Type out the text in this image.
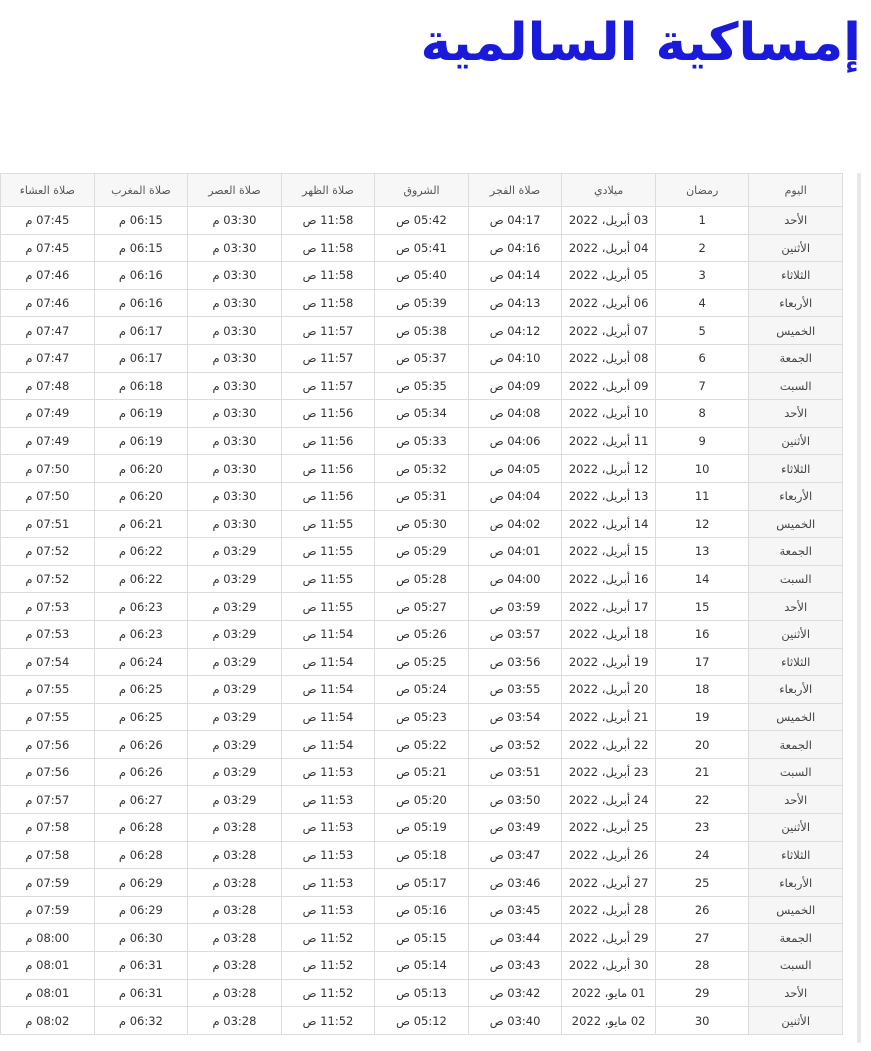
إمساكية السالمية
اليوم	رمضان	ميلادي	صلاة الفجر	الشروق	صلاة الظهر	صلاة العصر	صلاة المغرب	صلاة العشاء
الأحد	1	03 أبريل، 2022	04:17 ص	05:42 ص	11:58 ص	03:30 م	06:15 م	07:45 م
الأثنين	2	04 أبريل، 2022	04:16 ص	05:41 ص	11:58 ص	03:30 م	06:15 م	07:45 م
الثلاثاء	3	05 أبريل، 2022	04:14 ص	05:40 ص	11:58 ص	03:30 م	06:16 م	07:46 م
الأربعاء	4	06 أبريل، 2022	04:13 ص	05:39 ص	11:58 ص	03:30 م	06:16 م	07:46 م
الخميس	5	07 أبريل، 2022	04:12 ص	05:38 ص	11:57 ص	03:30 م	06:17 م	07:47 م
الجمعة	6	08 أبريل، 2022	04:10 ص	05:37 ص	11:57 ص	03:30 م	06:17 م	07:47 م
السبت	7	09 أبريل، 2022	04:09 ص	05:35 ص	11:57 ص	03:30 م	06:18 م	07:48 م
الأحد	8	10 أبريل، 2022	04:08 ص	05:34 ص	11:56 ص	03:30 م	06:19 م	07:49 م
الأثنين	9	11 أبريل، 2022	04:06 ص	05:33 ص	11:56 ص	03:30 م	06:19 م	07:49 م
الثلاثاء	10	12 أبريل، 2022	04:05 ص	05:32 ص	11:56 ص	03:30 م	06:20 م	07:50 م
الأربعاء	11	13 أبريل، 2022	04:04 ص	05:31 ص	11:56 ص	03:30 م	06:20 م	07:50 م
الخميس	12	14 أبريل، 2022	04:02 ص	05:30 ص	11:55 ص	03:30 م	06:21 م	07:51 م
الجمعة	13	15 أبريل، 2022	04:01 ص	05:29 ص	11:55 ص	03:29 م	06:22 م	07:52 م
السبت	14	16 أبريل، 2022	04:00 ص	05:28 ص	11:55 ص	03:29 م	06:22 م	07:52 م
الأحد	15	17 أبريل، 2022	03:59 ص	05:27 ص	11:55 ص	03:29 م	06:23 م	07:53 م
الأثنين	16	18 أبريل، 2022	03:57 ص	05:26 ص	11:54 ص	03:29 م	06:23 م	07:53 م
الثلاثاء	17	19 أبريل، 2022	03:56 ص	05:25 ص	11:54 ص	03:29 م	06:24 م	07:54 م
الأربعاء	18	20 أبريل، 2022	03:55 ص	05:24 ص	11:54 ص	03:29 م	06:25 م	07:55 م
الخميس	19	21 أبريل، 2022	03:54 ص	05:23 ص	11:54 ص	03:29 م	06:25 م	07:55 م
الجمعة	20	22 أبريل، 2022	03:52 ص	05:22 ص	11:54 ص	03:29 م	06:26 م	07:56 م
السبت	21	23 أبريل، 2022	03:51 ص	05:21 ص	11:53 ص	03:29 م	06:26 م	07:56 م
الأحد	22	24 أبريل، 2022	03:50 ص	05:20 ص	11:53 ص	03:29 م	06:27 م	07:57 م
الأثنين	23	25 أبريل، 2022	03:49 ص	05:19 ص	11:53 ص	03:28 م	06:28 م	07:58 م
الثلاثاء	24	26 أبريل، 2022	03:47 ص	05:18 ص	11:53 ص	03:28 م	06:28 م	07:58 م
الأربعاء	25	27 أبريل، 2022	03:46 ص	05:17 ص	11:53 ص	03:28 م	06:29 م	07:59 م
الخميس	26	28 أبريل، 2022	03:45 ص	05:16 ص	11:53 ص	03:28 م	06:29 م	07:59 م
الجمعة	27	29 أبريل، 2022	03:44 ص	05:15 ص	11:52 ص	03:28 م	06:30 م	08:00 م
السبت	28	30 أبريل، 2022	03:43 ص	05:14 ص	11:52 ص	03:28 م	06:31 م	08:01 م
الأحد	29	01 مايو، 2022	03:42 ص	05:13 ص	11:52 ص	03:28 م	06:31 م	08:01 م
الأثنين	30	02 مايو، 2022	03:40 ص	05:12 ص	11:52 ص	03:28 م	06:32 م	08:02 م
